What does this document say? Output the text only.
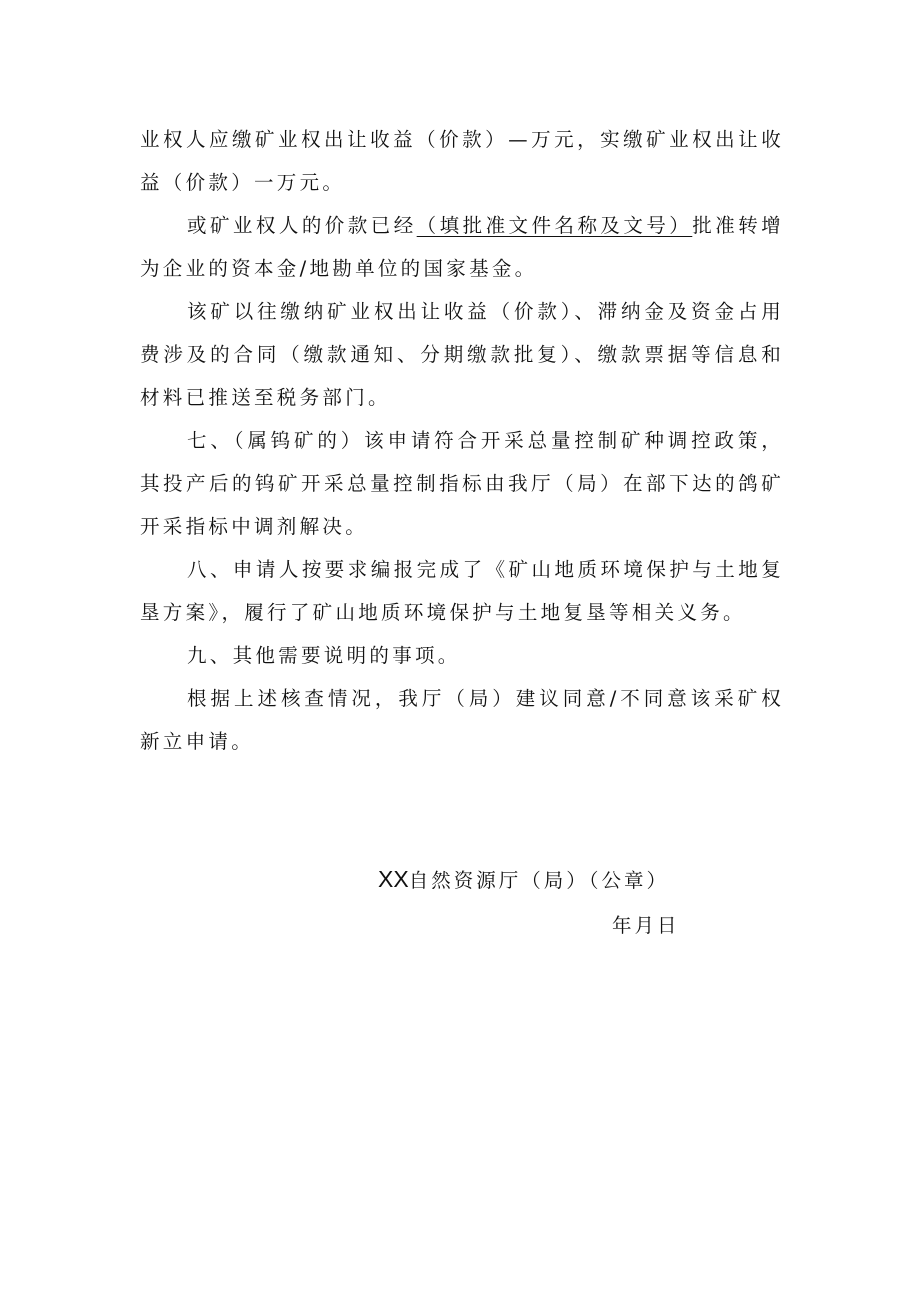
业权人应缴矿业权出让收益（价款）—万元，实缴矿业权出让收益（价款）一万元。

或矿业权人的价款已经（填批准文件名称及文号）批准转增为企业的资本金/地勘单位的国家基金。

该矿以往缴纳矿业权出让收益（价款）、滞纳金及资金占用费涉及的合同（缴款通知、分期缴款批复）、缴款票据等信息和材料已推送至税务部门。

七、（属钨矿的）该申请符合开采总量控制矿种调控政策，其投产后的钨矿开采总量控制指标由我厅（局）在部下达的鸽矿开采指标中调剂解决。

八、申请人按要求编报完成了《矿山地质环境保护与土地复垦方案》，履行了矿山地质环境保护与土地复垦等相关义务。

九、其他需要说明的事项。

根据上述核查情况，我厅（局）建议同意/不同意该采矿权新立申请。

XX自然资源厅（局）（公章）
年月日
